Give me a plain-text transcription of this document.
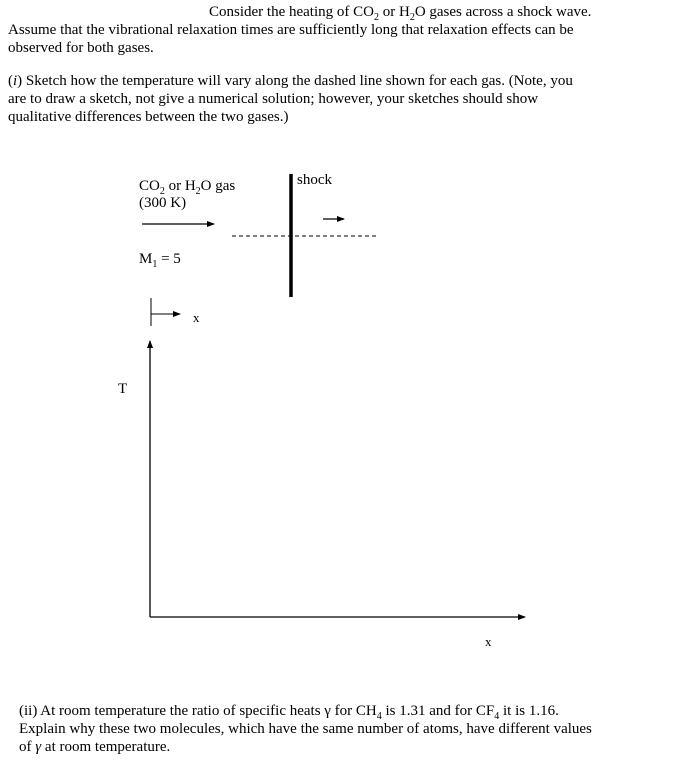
Consider the heating of $CO_2$ or $H_2O$ gases across a shock wave.
Assume that the vibrational relaxation times are sufficiently long that relaxation effects can be
observed for both gases.
(i) Sketch how the temperature will vary along the dashed line shown for each gas. (Note, you
are to draw a sketch, not give a numerical solution; however, your sketches should show
qualitative differences between the two gases.)
$CO_2$ or $H_2O$ gas
(300 K)
$M_1 = 5$
shock
x
T
x
(ii) At room temperature the ratio of specific heats γ for $CH_4$ is 1.31 and for $CF_4$ it is 1.16.
Explain why these two molecules, which have the same number of atoms, have different values
of γ at room temperature.
